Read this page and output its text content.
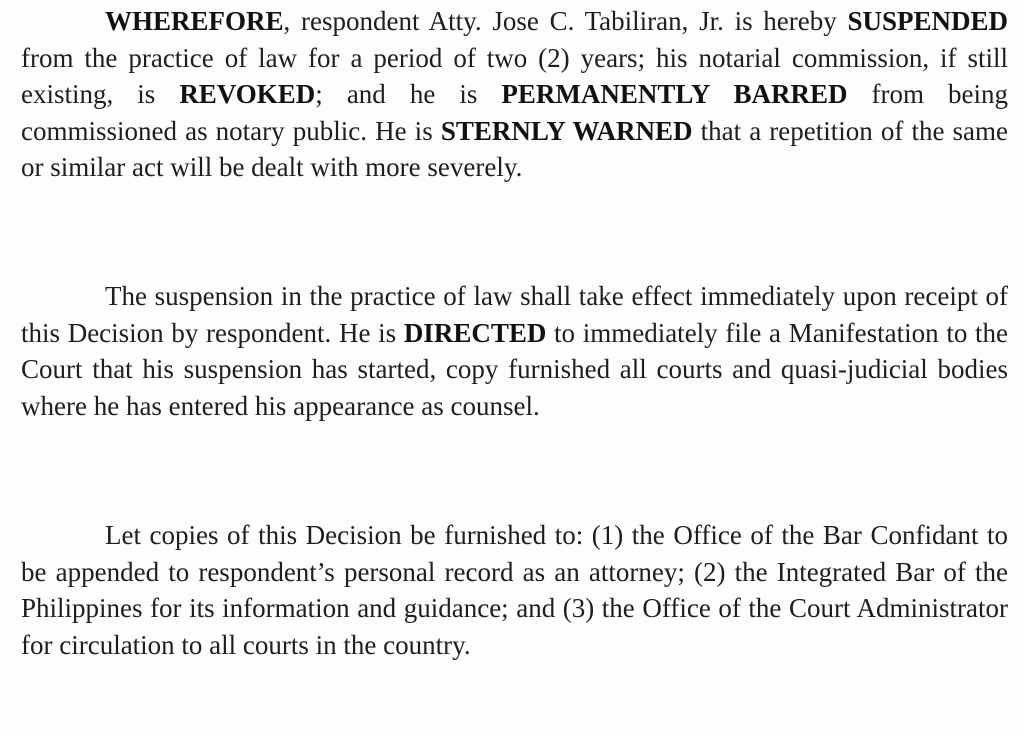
WHEREFORE, respondent Atty. Jose C. Tabiliran, Jr. is hereby SUSPENDED from the practice of law for a period of two (2) years; his notarial commission, if still existing, is REVOKED; and he is PERMANENTLY BARRED from being commissioned as notary public. He is STERNLY WARNED that a repetition of the same or similar act will be dealt with more severely.

The suspension in the practice of law shall take effect immediately upon receipt of this Decision by respondent. He is DIRECTED to immediately file a Manifestation to the Court that his suspension has started, copy furnished all courts and quasi-judicial bodies where he has entered his appearance as counsel.

Let copies of this Decision be furnished to: (1) the Office of the Bar Confidant to be appended to respondent’s personal record as an attorney; (2) the Integrated Bar of the Philippines for its information and guidance; and (3) the Office of the Court Administrator for circulation to all courts in the country.
